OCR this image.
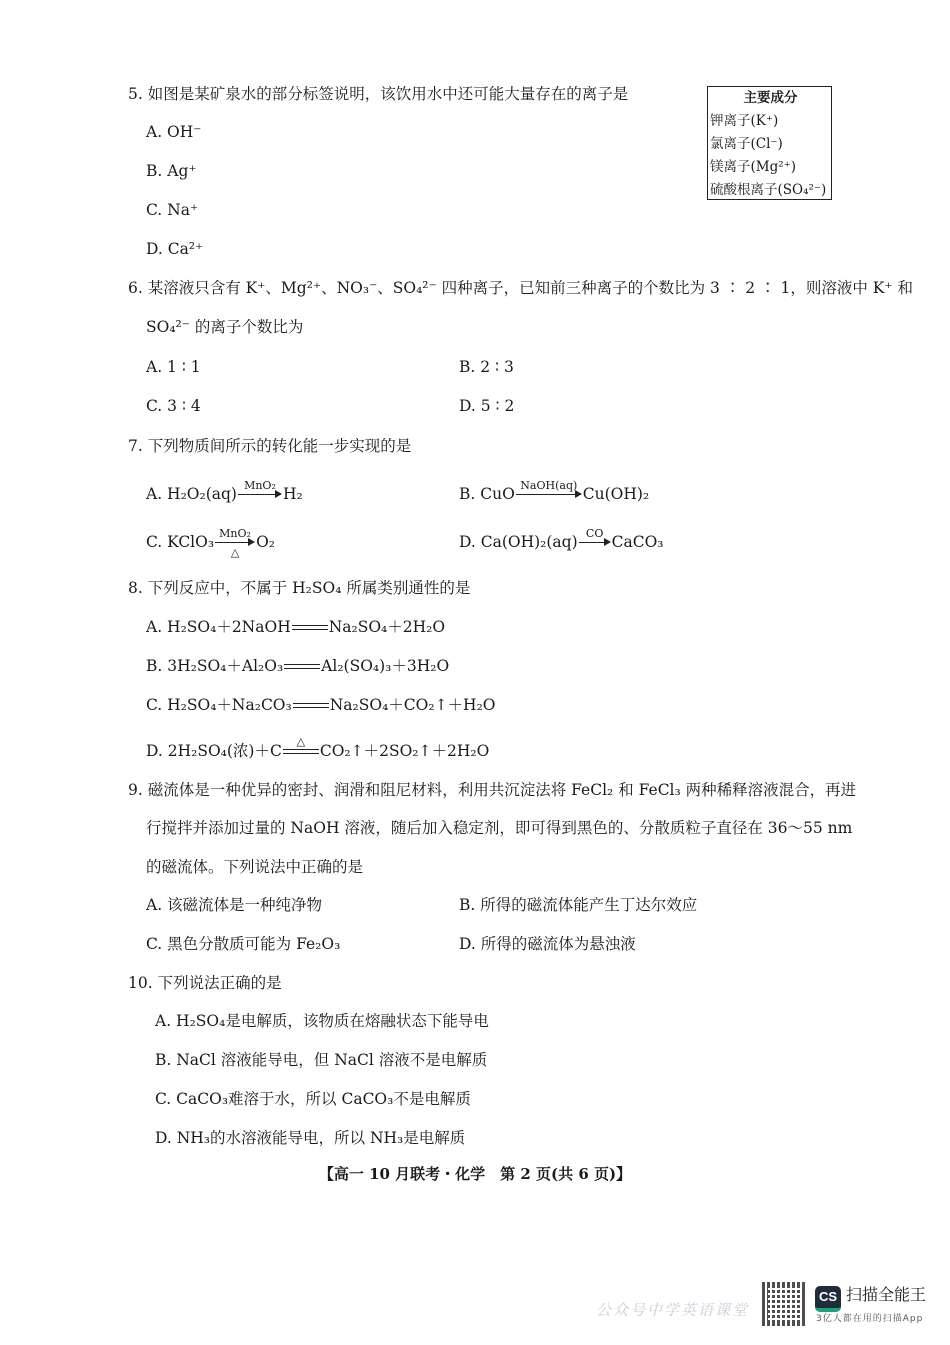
5. 如图是某矿泉水的部分标签说明，该饮用水中还可能大量存在的离子是
A. OH⁻
B. Ag⁺
C. Na⁺
D. Ca²⁺
主要成分
钾离子(K⁺)
氯离子(Cl⁻)
镁离子(Mg²⁺)
硫酸根离子(SO₄²⁻)
6. 某溶液只含有 K⁺、Mg²⁺、NO₃⁻、SO₄²⁻ 四种离子，已知前三种离子的个数比为 3 ∶ 2 ∶ 1，则溶液中 K⁺ 和
SO₄²⁻ 的离子个数比为
A. 1 ∶ 1	B. 2 ∶ 3
C. 3 ∶ 4	D. 5 ∶ 2
7. 下列物质间所示的转化能一步实现的是
A. H₂O₂(aq) MnO₂ H₂	B. CuO NaOH(aq) Cu(OH)₂
C. KClO₃ MnO₂
△
O₂	D. Ca(OH)₂(aq) CO CaCO₃
8. 下列反应中，不属于 H₂SO₄ 所属类别通性的是
A. H₂SO₄＋2NaOH Na₂SO₄＋2H₂O
B. 3H₂SO₄＋Al₂O₃ Al₂(SO₄)₃＋3H₂O
C. H₂SO₄＋Na₂CO₃ Na₂SO₄＋CO₂↑＋H₂O
D. 2H₂SO₄(浓)＋C
△
CO₂↑＋2SO₂↑＋2H₂O
9. 磁流体是一种优异的密封、润滑和阻尼材料，利用共沉淀法将 FeCl₂ 和 FeCl₃ 两种稀释溶液混合，再进
行搅拌并添加过量的 NaOH 溶液，随后加入稳定剂，即可得到黑色的、分散质粒子直径在 36～55 nm
的磁流体。下列说法中正确的是
A. 该磁流体是一种纯净物	B. 所得的磁流体能产生丁达尔效应
C. 黑色分散质可能为 Fe₂O₃	D. 所得的磁流体为悬浊液
10. 下列说法正确的是
A. H₂SO₄是电解质，该物质在熔融状态下能导电
B. NaCl 溶液能导电，但 NaCl 溶液不是电解质
C. CaCO₃难溶于水，所以 CaCO₃不是电解质
D. NH₃的水溶液能导电，所以 NH₃是电解质
【高一 10 月联考・化学　第 2 页(共 6 页)】
公众号中学英语课堂
CS 扫描全能王
3亿人都在用的扫描App
